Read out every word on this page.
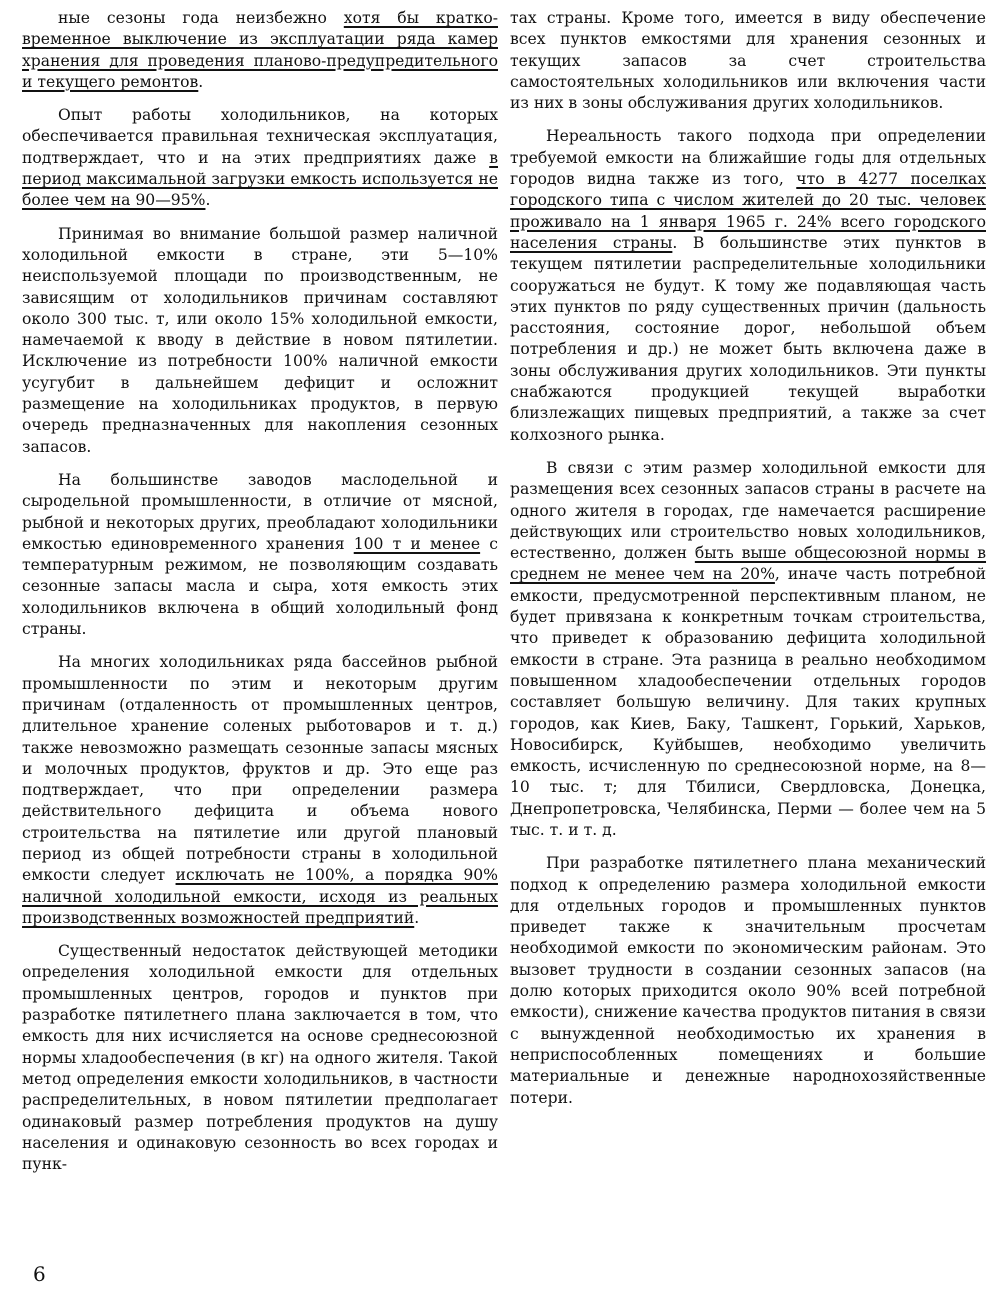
ные сезоны года неизбежно хотя бы кратко-временное выключение из эксплуатации ряда камер хранения для проведения планово-предупредительного и текущего ремонтов.

Опыт работы холодильников, на которых обеспечивается правильная техническая эксплуатация, подтверждает, что и на этих предприятиях даже в период максимальной загрузки емкость используется не более чем на 90—95%.

Принимая во внимание большой размер наличной холодильной емкости в стране, эти 5—10% неиспользуемой площади по производственным, не зависящим от холодильников причинам составляют около 300 тыс. т, или около 15% холодильной емкости, намечаемой к вводу в действие в новом пятилетии. Исключение из потребности 100% наличной емкости усугубит в дальнейшем дефицит и осложнит размещение на холодильниках продуктов, в первую очередь предназначенных для накопления сезонных запасов.

На большинстве заводов маслодельной и сыродельной промышленности, в отличие от мясной, рыбной и некоторых других, преобладают холодильники емкостью единовременного хранения 100 т и менее с температурным режимом, не позволяющим создавать сезонные запасы масла и сыра, хотя емкость этих холодильников включена в общий холодильный фонд страны.

На многих холодильниках ряда бассейнов рыбной промышленности по этим и некоторым другим причинам (отдаленность от промышленных центров, длительное хранение соленых рыботоваров и т. д.) также невозможно размещать сезонные запасы мясных и молочных продуктов, фруктов и др. Это еще раз подтверждает, что при определении размера действительного дефицита и объема нового строительства на пятилетие или другой плановый период из общей потребности страны в холодильной емкости следует исключать не 100%, а порядка 90% наличной холодильной емкости, исходя из реальных производственных возможностей предприятий.

Существенный недостаток действующей методики определения холодильной емкости для отдельных промышленных центров, городов и пунктов при разработке пятилетнего плана заключается в том, что емкость для них исчисляется на основе среднесоюзной нормы хладообеспечения (в кг) на одного жителя. Такой метод определения емкости холодильников, в частности распределительных, в новом пятилетии предполагает одинаковый размер потребления продуктов на душу населения и одинаковую сезонность во всех городах и пунк-

тах страны. Кроме того, имеется в виду обеспечение всех пунктов емкостями для хранения сезонных и текущих запасов за счет строительства самостоятельных холодильников или включения части из них в зоны обслуживания других холодильников.

Нереальность такого подхода при определении требуемой емкости на ближайшие годы для отдельных городов видна также из того, что в 4277 поселках городского типа с числом жителей до 20 тыс. человек проживало на 1 января 1965 г. 24% всего городского населения страны. В большинстве этих пунктов в текущем пятилетии распределительные холодильники сооружаться не будут. К тому же подавляющая часть этих пунктов по ряду существенных причин (дальность расстояния, состояние дорог, небольшой объем потребления и др.) не может быть включена даже в зоны обслуживания других холодильников. Эти пункты снабжаются продукцией текущей выработки близлежащих пищевых предприятий, а также за счет колхозного рынка.

В связи с этим размер холодильной емкости для размещения всех сезонных запасов страны в расчете на одного жителя в городах, где намечается расширение действующих или строительство новых холодильников, естественно, должен быть выше общесоюзной нормы в среднем не менее чем на 20%, иначе часть потребной емкости, предусмотренной перспективным планом, не будет привязана к конкретным точкам строительства, что приведет к образованию дефицита холодильной емкости в стране. Эта разница в реально необходимом повышенном хладообеспечении отдельных городов составляет большую величину. Для таких крупных городов, как Киев, Баку, Ташкент, Горький, Харьков, Новосибирск, Куйбышев, необходимо увеличить емкость, исчисленную по среднесоюзной норме, на 8—10 тыс. т; для Тбилиси, Свердловска, Донецка, Днепропетровска, Челябинска, Перми — более чем на 5 тыс. т. и т. д.

При разработке пятилетнего плана механический подход к определению размера холодильной емкости для отдельных городов и промышленных пунктов приведет также к значительным просчетам необходимой емкости по экономическим районам. Это вызовет трудности в создании сезонных запасов (на долю которых приходится около 90% всей потребной емкости), снижение качества продуктов питания в связи с вынужденной необходимостью их хранения в неприспособленных помещениях и большие материальные и денежные народнохозяйственные потери.

6
